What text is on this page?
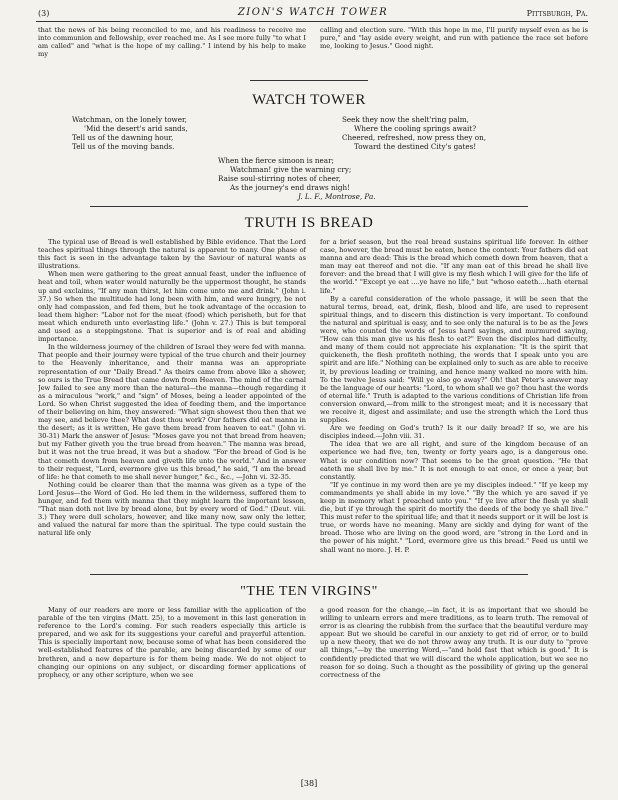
(3)	ZION'S WATCH TOWER	Pittsburgh, Pa.

that the news of his being reconciled to me, and his readiness to receive me into communion and fellowship, ever reached me. As I see more fully "to what I am called" and "what is the hope of my calling." I intend by his help to make my

calling and election sure. "With this hope in me, I'll purify myself even as he is pure," and "lay aside every weight, and run with patience the race set before me, looking to Jesus." Good night.

WATCH TOWER
Watchman, on the lonely tower,
'Mid the desert's arid sands,
Tell us of the dawning hour,
Tell us of the moving bands.
Seek they now the shelt'ring palm,
Where the cooling springs await?
Cheered, refreshed, now press they on,
Toward the destined City's gates!
When the fierce simoon is near;
Watchman! give the warning cry;
Raise soul-stirring notes of cheer,
As the journey's end draws nigh!
J. L. F., Montrose, Pa.
TRUTH IS BREAD

The typical use of Bread is well established by Bible evidence. That the Lord teaches spiritual things through the natural is apparent to many. One phase of this fact is seen in the advantage taken by the Saviour of natural wants as illustrations.

When men were gathering to the great annual feast, under the influence of heat and toil, when water would naturally be the uppermost thought, he stands up and exclaims, "If any man thirst, let him come unto me and drink." (John i. 37.) So when the multitude had long been with him, and were hungry, he not only had compassion, and fed them, but he took advantage of the occasion to lead them higher: "Labor not for the meat (food) which perisheth, but for that meat which endureth unto everlasting life." (John v. 27.) This is but temporal and used as a steppingstone. That is superior and is of real and abiding importance.

In the wilderness journey of the children of Israel they were fed with manna. That people and their journey were typical of the true church and their journey to the Heavenly inheritance, and their manna was an appropriate representation of our "Daily Bread." As theirs came from above like a shower, so ours is the True Bread that came down from Heaven. The mind of the carnal Jew failed to see any more than the natural—the manna—though regarding it as a miraculous "work," and "sign" of Moses, being a leader appointed of the Lord. So when Christ suggested the idea of feeding them, and the importance of their believing on him, they answered: "What sign showest thou then that we may see, and believe thee? What dost thou work? Our fathers did eat manna in the desert; as it is written, He gave them bread from heaven to eat." (John vi. 30-31) Mark the answer of Jesus: "Moses gave you not that bread from heaven; but my Father giveth you the true bread from heaven." The manna was bread, but it was not the true bread, it was but a shadow. "For the bread of God is he that cometh down from heaven and giveth life unto the world." And in answer to their request, "Lord, evermore give us this bread," he said, "I am the bread of life: he that cometh to me shall never hunger," &c., &c., —John vi. 32-35.

Nothing could be clearer than that the manna was given as a type of the Lord Jesus—the Word of God. He led them in the wilderness, suffered them to hunger, and fed them with manna that they might learn the important lesson, "That man doth not live by bread alone, but by every word of God." (Deut. viii. 3.) They were dull scholars, however, and like many now, saw only the letter, and valued the natural far more than the spiritual. The type could sustain the natural life only

for a brief season, but the real bread sustains spiritual life forever. In either case, however, the bread must be eaten, hence the context: Your fathers did eat manna and are dead: This is the bread which cometh down from heaven, that a man may eat thereof and not die. "If any man eat of this bread he shall live forever: and the bread that I will give is my flesh which I will give for the life of the world." "Except ye eat ....ye have no life," but "whoso eateth....hath eternal life."

By a careful consideration of the whole passage, it will be seen that the natural terms, bread, eat, drink, flesh, blood and life, are used to represent spiritual things, and to discern this distinction is very important. To confound the natural and spiritual is easy, and to see only the natural is to be as the Jews were, who counted the words of Jesus hard sayings, and murmured saying, "How can this man give us his flesh to eat?" Even the disciples had difficulty, and many of them could not appreciate his explanation: "It is the spirit that quickeneth, the flesh profiteth nothing, the words that I speak unto you are spirit and are life." Nothing can be explained only to such as are able to receive it, by previous leading or training, and hence many walked no more with him. To the twelve Jesus said: "Will ye also go away?" Oh! that Peter's answer may be the language of our hearts: "Lord, to whom shall we go? thou hast the words of eternal life." Truth is adapted to the various conditions of Christian life from conversion onward,—from milk to the strongest meat; and it is necessary that we receive it, digest and assimilate; and use the strength which the Lord thus supplies.

Are we feeding on God's truth? Is it our daily bread? If so, we are his disciples indeed.—John viii. 31.

The idea that we are all right, and sure of the kingdom because of an experience we had five, ten, twenty or forty years ago, is a dangerous one. What is our condition now? That seems to be the great question. "He that eateth me shall live by me." It is not enough to eat once, or once a year, but constantly.

"If ye continue in my word then are ye my disciples indeed." "If ye keep my commandments ye shall abide in my love." "By the which ye are saved if ye keep in memory what I preached unto you." "If ye live after the flesh ye shall die, but if ye through the spirit do mortify the deeds of the body ye shall live." This must refer to the spiritual life; and that it needs support or it will be lost is true, or words have no meaning. Many are sickly and dying for want of the bread. Those who are living on the good word, are "strong in the Lord and in the power of his might." "Lord, evermore give us this bread." Feed us until we shall want no more. J. H. P.

"THE TEN VIRGINS"

Many of our readers are more or less familiar with the application of the parable of the ten virgins (Matt. 25), to a movement in this last generation in reference to the Lord's coming. For such readers especially this article is prepared, and we ask for its suggestions your careful and prayerful attention. This is specially important now, because some of what has been considered the well-established features of the parable, are being discarded by some of our brethren, and a new departure is for them being made. We do not object to changing our opinions on any subject, or discarding former applications of prophecy, or any other scripture, when we see

a good reason for the change,—in fact, it is as important that we should be willing to unlearn errors and mere traditions, as to learn truth. The removal of error is as clearing the rubbish from the surface that the beautiful verdure may appear. But we should be careful in our anxiety to get rid of error, or to build up a new theory, that we do not throw away any truth. It is our duty to "prove all things,"—by the unerring Word,—"and hold fast that which is good." It is confidently predicted that we will discard the whole application, but we see no reason for so doing. Such a thought as the possibility of giving up the general correctness of the

[38]
